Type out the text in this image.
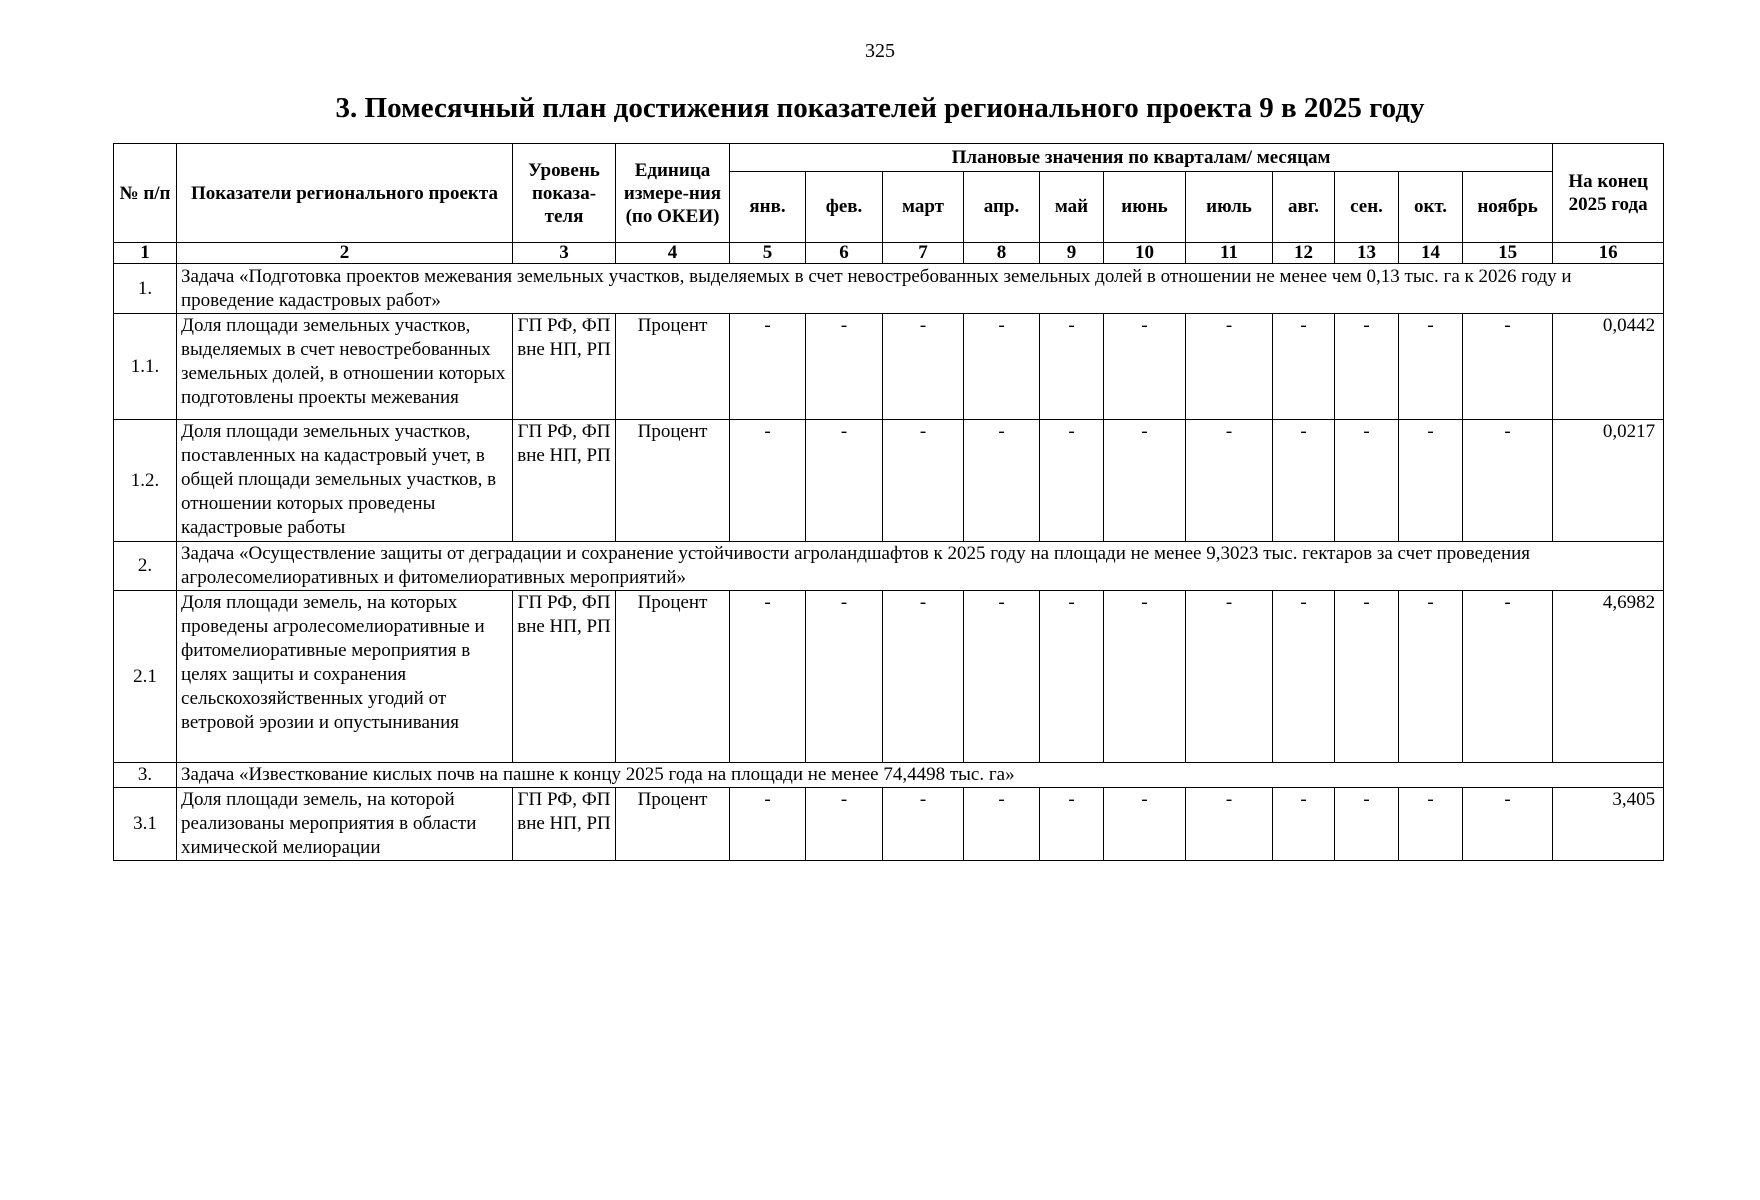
325
3. Помесячный план достижения показателей регионального проекта 9 в 2025 году
№ п/п	Показатели регионального проекта	Уровень показа-теля	Единица измере-ния (по ОКЕИ)	Плановые значения по кварталам/ месяцам											На конец 2025 года
				янв.	фев.	март	апр.	май	июнь	июль	авг.	сен.	окт.	ноябрь	
1	2	3	4	5	6	7	8	9	10	11	12	13	14	15	16
1.	Задача «Подготовка проектов межевания земельных участков, выделяемых в счет невостребованных земельных долей в отношении не менее чем 0,13 тыс. га к 2026 году и проведение кадастровых работ»														
1.1.	Доля площади земельных участков, выделяемых в счет невостребованных земельных долей, в отношении которых подготовлены проекты межевания	ГП РФ, ФП вне НП, РП	Процент	-	-	-	-	-	-	-	-	-	-	-	0,0442
1.2.	Доля площади земельных участков, поставленных на кадастровый учет, в общей площади земельных участков, в отношении которых проведены кадастровые работы	ГП РФ, ФП вне НП, РП	Процент	-	-	-	-	-	-	-	-	-	-	-	0,0217
2.	Задача «Осуществление защиты от деградации и сохранение устойчивости агроландшафтов к 2025 году на площади не менее 9,3023 тыс. гектаров за счет проведения агролесомелиоративных и фитомелиоративных мероприятий»														
2.1	Доля площади земель, на которых проведены агролесомелиоративные и фитомелиоративные мероприятия в целях защиты и сохранения сельскохозяйственных угодий от ветровой эрозии и опустынивания	ГП РФ, ФП вне НП, РП	Процент	-	-	-	-	-	-	-	-	-	-	-	4,6982
3.	Задача «Известкование кислых почв на пашне к концу 2025 года на площади не менее 74,4498 тыс. га»														
3.1	Доля площади земель, на которой реализованы мероприятия в области химической мелиорации	ГП РФ, ФП вне НП, РП	Процент	-	-	-	-	-	-	-	-	-	-	-	3,405
